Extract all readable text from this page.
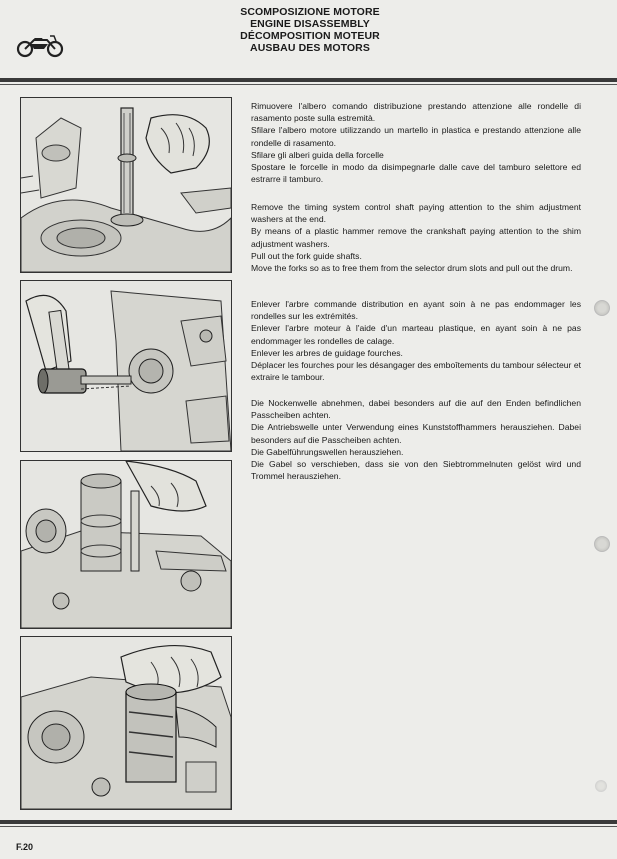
SCOMPOSIZIONE MOTORE
ENGINE DISASSEMBLY
DÉCOMPOSITION MOTEUR
AUSBAU DES MOTORS

Rimuovere l'albero comando distribuzione prestando attenzione alle rondelle di rasamento poste sulla estremità.

Sfilare l'albero motore utilizzando un martello in plastica e prestando attenzione alle rondelle di rasamento.

Sfilare gli alberi guida della forcelle

Spostare le forcelle in modo da disimpegnarle dalle cave del tamburo selettore ed estrarre il tamburo.

Remove the timing system control shaft paying attention to the shim adjustment washers at the end.

By means of a plastic hammer remove the crankshaft paying attention to the shim adjustment washers.

Pull out the fork guide shafts.

Move the forks so as to free them from the selector drum slots and pull out the drum.

Enlever l'arbre commande distribution en ayant soin à ne pas endommager les rondelles sur les extrémités.

Enlever l'arbre moteur à l'aide d'un marteau plastique, en ayant soin à ne pas endommager les rondelles de calage.

Enlever les arbres de guidage fourches.

Déplacer les fourches pour les désangager des emboîtements du tambour sélecteur et extraire le tambour.

Die Nockenwelle abnehmen, dabei besonders auf die auf den Enden befindlichen Passcheiben achten.

Die Antriebswelle unter Verwendung eines Kunststoffhammers herausziehen. Dabei besonders auf die Passcheiben achten.

Die Gabelführungswellen herausziehen.

Die Gabel so verschieben, dass sie von den Siebtrommelnuten gelöst wird und Trommel herausziehen.

F.20
